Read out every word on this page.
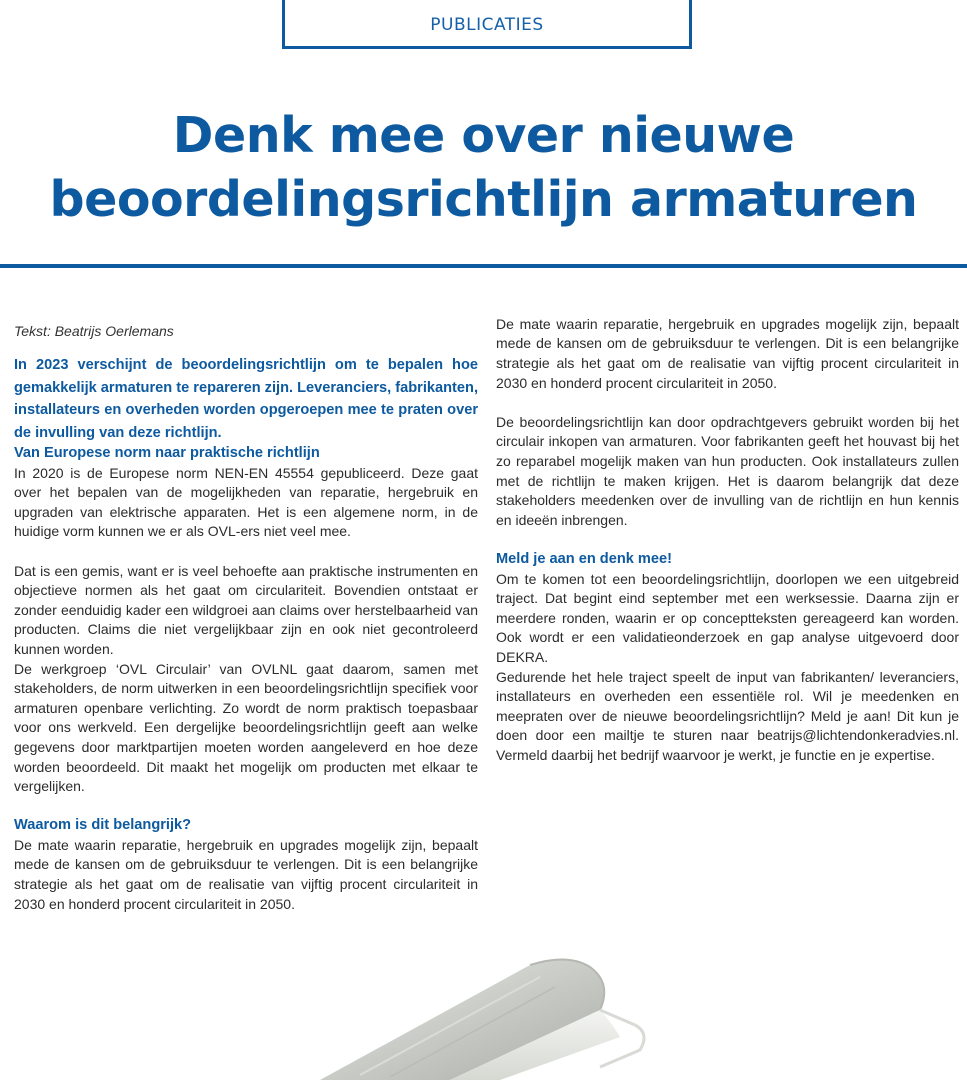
PUBLICATIES
Denk mee over nieuwe beoordelingsrichtlijn armaturen
Tekst: Beatrijs Oerlemans

In 2023 verschijnt de beoordelingsrichtlijn om te bepalen hoe gemakkelijk armaturen te repareren zijn. Leveranciers, fabrikanten, installateurs en overheden worden opgeroepen mee te praten over de invulling van deze richtlijn.

Van Europese norm naar praktische richtlijn

In 2020 is de Europese norm NEN-EN 45554 gepubliceerd. Deze gaat over het bepalen van de mogelijkheden van reparatie, hergebruik en upgraden van elektrische apparaten. Het is een algemene norm, in de huidige vorm kunnen we er als OVL-ers niet veel mee.

Dat is een gemis, want er is veel behoefte aan praktische instrumenten en objectieve normen als het gaat om circulariteit. Bovendien ontstaat er zonder eenduidig kader een wildgroei aan claims over herstelbaarheid van producten. Claims die niet vergelijkbaar zijn en ook niet gecontroleerd kunnen worden.

De werkgroep ‘OVL Circulair’ van OVLNL gaat daarom, samen met stakeholders, de norm uitwerken in een beoordelingsrichtlijn specifiek voor armaturen openbare verlichting. Zo wordt de norm praktisch toepasbaar voor ons werkveld. Een dergelijke beoordelingsrichtlijn geeft aan welke gegevens door marktpartijen moeten worden aangeleverd en hoe deze worden beoordeeld. Dit maakt het mogelijk om producten met elkaar te vergelijken.

Waarom is dit belangrijk?

De mate waarin reparatie, hergebruik en upgrades mogelijk zijn, bepaalt mede de kansen om de gebruiksduur te verlengen. Dit is een belangrijke strategie als het gaat om de realisatie van vijftig procent circulariteit in 2030 en honderd procent circulariteit in 2050.

De mate waarin reparatie, hergebruik en upgrades mogelijk zijn, bepaalt mede de kansen om de gebruiksduur te verlengen. Dit is een belangrijke strategie als het gaat om de realisatie van vijftig procent circulariteit in 2030 en honderd procent circulariteit in 2050.

De beoordelingsrichtlijn kan door opdrachtgevers gebruikt worden bij het circulair inkopen van armaturen. Voor fabrikanten geeft het houvast bij het zo reparabel mogelijk maken van hun producten. Ook installateurs zullen met de richtlijn te maken krijgen. Het is daarom belangrijk dat deze stakeholders meedenken over de invulling van de richtlijn en hun kennis en ideeën inbrengen.

Meld je aan en denk mee!

Om te komen tot een beoordelingsrichtlijn, doorlopen we een uitgebreid traject. Dat begint eind september met een werksessie. Daarna zijn er meerdere ronden, waarin er op conceptteksten gereageerd kan worden. Ook wordt er een validatieonderzoek en gap analyse uitgevoerd door DEKRA.

Gedurende het hele traject speelt de input van fabrikanten/ leveranciers, installateurs en overheden een essentiële rol. Wil je meedenken en meepraten over de nieuwe beoordelingsrichtlijn? Meld je aan! Dit kun je doen door een mailtje te sturen naar beatrijs@lichtendonkeradvies.nl. Vermeld daarbij het bedrijf waarvoor je werkt, je functie en je expertise.
